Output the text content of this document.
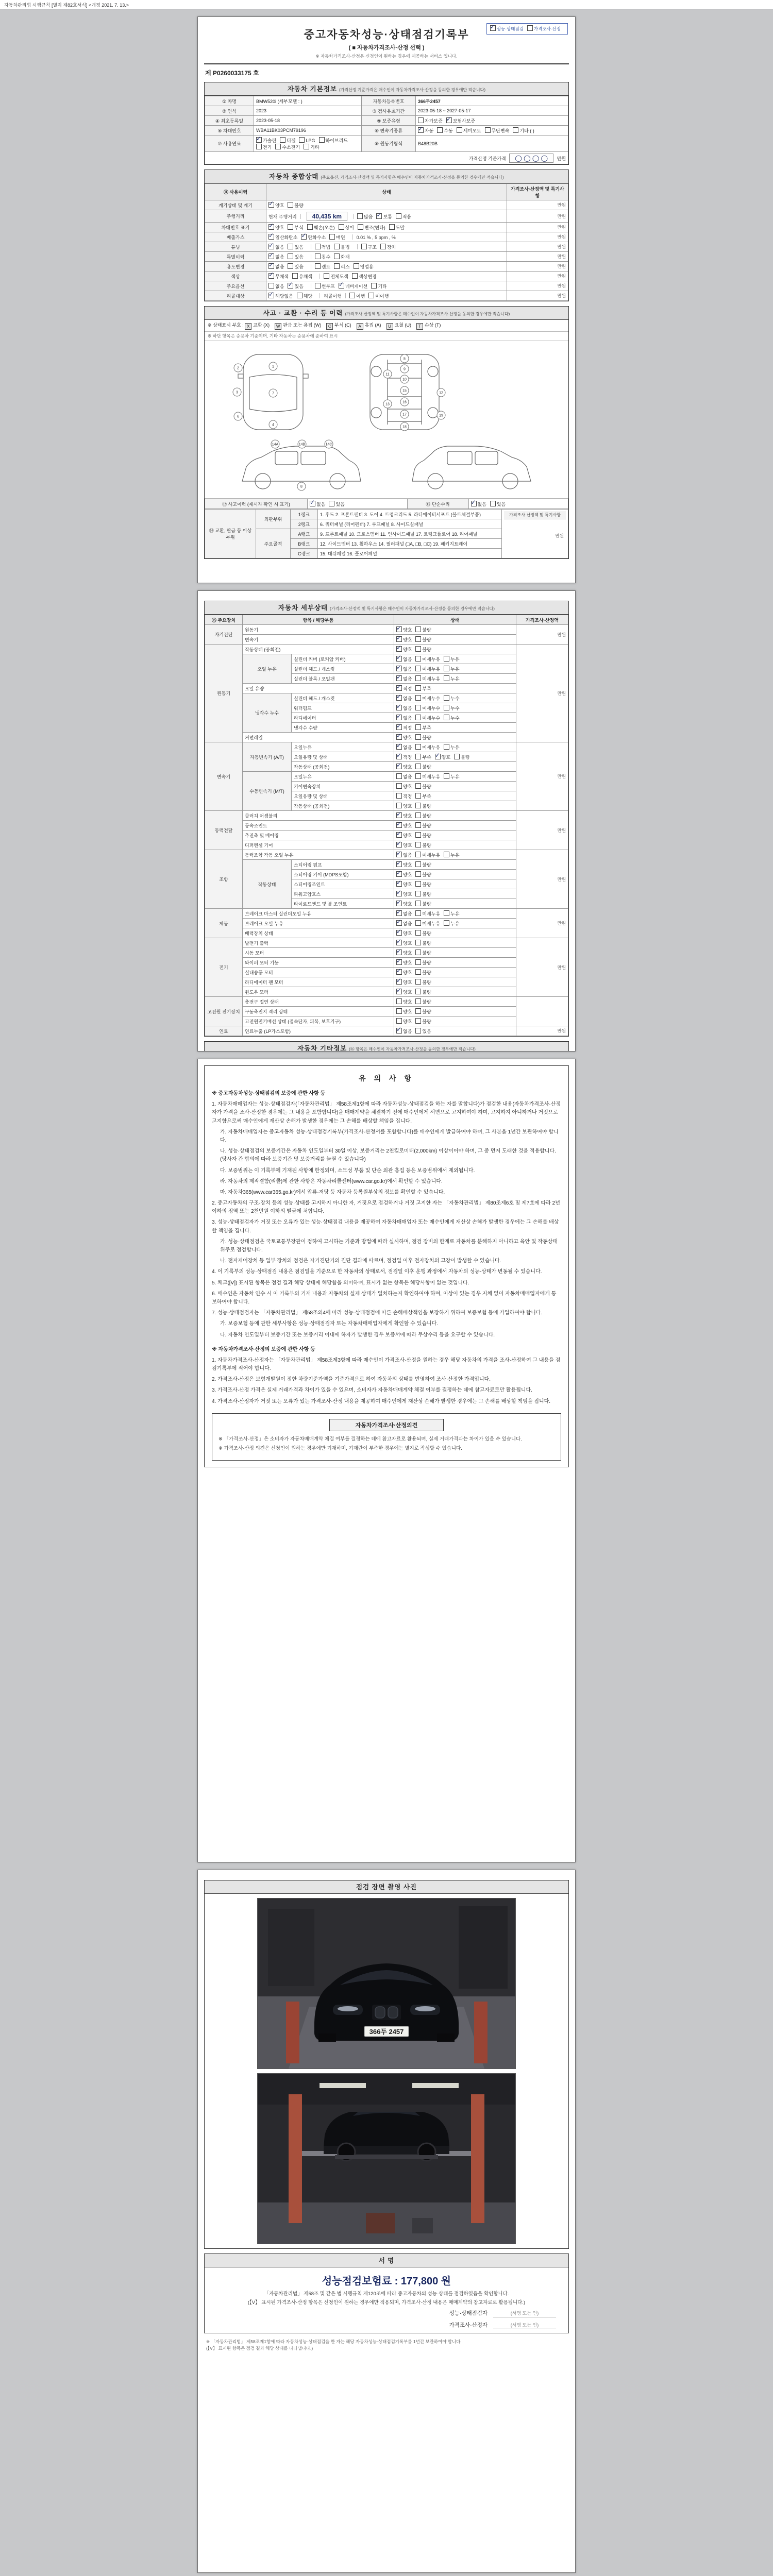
자동차관리법 시행규칙 [별지 제82호서식] <개정 2021. 7. 13.>
✓성능·상태점검 가격조사·산정
중고자동차성능·상태점검기록부
( ■ 자동차가격조사·산정 선택 )
※ 자동차가격조사·산정은 신청인이 원하는 경우에 제공하는 서비스 입니다.
제 P0260033175 호
자동차 기본정보 (가격산정 기준가격은 매수인이 자동차가격조사·산정을 동의한 경우에만 적습니다)
① 차명	BMW520i (세부모델 : )	자동차등록번호	366두2457
② 연식	2023	③ 검사유효기간	2023-05-18 ~ 2027-05-17
④ 최초등록일	2023-05-18	⑨ 보증유형	자가보증 ✓ 보험사보증
⑤ 차대번호	WBA11BK03PCM79196	⑥ 변속기종류	✓자동 수동 세미오토 무단변속 기타 ( )
⑦ 사용연료	✓가솔린 디젤 LPG 하이브리드전기 수소전기 기타	⑧ 원동기형식	B48B20B
가격산정 기준가격 ◯ ◯ ◯ ◯ 만원			
자동차 종합상태 (주요옵션, 가격조사·산정액 및 특기사항은 매수인이 자동차가격조사·산정을 동의한 경우에만 적습니다)
⑪ 사용이력	상태	가격조사·산정액 및 특기사항
계기상태 및 계기	✓양호 불량	만원
주행거리	현재 주행거리 40,435 km 많음 ✓ 보통 적음	만원
차대번호 표기	✓양호 부식 훼손(오손) 상이 변조(변타) 도말	만원
배출가스	✓일산화탄소 ✓ 탄화수소 매연 0.01 % , 5 ppm , %	만원
튜닝	✓없음 있음 적법 불법 구조 장치	만원
특별이력	✓없음 있음 침수 화재	만원
용도변경	✓없음 있음 렌트 리스 영업용	만원
색상	✓무채색 유채색 전체도색 색상변경	만원
주요옵션	없음 ✓ 있음 썬루프 ✓ 네비게이션 기타	만원
리콜대상	✓해당없음 해당 리콜이행 이행 미이행	만원
사고 · 교환 · 수리 등 이력 (가격조사·산정액 및 특기사항은 매수인이 자동차가격조사·산정을 동의한 경우에만 적습니다)
※ 상태표시 부호 : X 교환 (X) W 판금 또는 용접 (W) C 부식 (C) A 흠집 (A) U 요철 (U) T 손상 (T)
※ 하단 항목은 승용차 기준이며, 기타 자동차는 승용차에 준하여 표시
1
2
3
4
5
6
7
8
9
10
11
12
13
14A	14B	14C
15
16
17
18
19
⑫ 사고이력 (제시자 확인 시 표기)	✓없음 있음	⑬ 단순수리	✓없음 있음
⑭ 교환, 판금 등 이상 부위	외판부위	1랭크	1. 후드 2. 프론트펜더 3. 도어 4. 트렁크리드 5. 라디에이터서포트 (볼트체결부품)	가격조사·산정액 및 특기사항
만원

		2랭크	6. 쿼터패널 (리어펜더) 7. 루프패널 8. 사이드실패널	
	주요골격	A랭크	9. 프론트패널 10. 크로스멤버 11. 인사이드패널 17. 트렁크플로어 18. 리어패널	
		B랭크	12. 사이드멤버 13. 휠하우스 14. 필러패널 (□A, □B, □C) 19. 패키지트레이	
		C랭크	15. 대쉬패널 16. 플로어패널	
자동차 세부상태 (가격조사·산정액 및 특기사항은 매수인이 자동차가격조사·산정을 동의한 경우에만 적습니다)
⑮ 주요장치	항목 / 해당부품		상태	가격조사·산정액
자기진단	원동기	✓양호 불량	만원
	변속기	✓양호 불량
원동기	작동상태 (공회전)	✓양호 불량	만원
	오일 누유	실린더 커버 (로커암 커버)	✓없음 미세누유 누유
		실린더 헤드 / 개스킷	✓없음 미세누유 누유
		실린더 블록 / 오일팬	✓없음 미세누유 누유
	오일 유량	✓적정 부족
	냉각수 누수	실린더 헤드 / 개스킷	✓없음 미세누수 누수
		워터펌프	✓없음 미세누수 누수
		라디에이터	✓없음 미세누수 누수
		냉각수 수량	✓적정 부족
	커먼레일	✓양호 불량
변속기	자동변속기 (A/T)	오일누유	✓없음 미세누유 누유	만원
		오일유량 및 상태	✓적정 부족 ✓ 양호 불량
		작동상태 (공회전)	✓양호 불량
	수동변속기 (M/T)	오일누유	없음 미세누유 누유	
		기어변속장치	양호 불량	
		오일유량 및 상태	적정 부족	
		작동상태 (공회전)	양호 불량	
동력전달	클러치 어셈블리	✓양호 불량	만원
	등속조인트	✓양호 불량
	추진축 및 베어링	✓양호 불량
	디퍼렌셜 기어	✓양호 불량
조향	동력조향 작동 오일 누유	✓없음 미세누유 누유	만원
	작동상태	스티어링 펌프	✓양호 불량
		스티어링 기어 (MDPS포함)	✓양호 불량
		스티어링조인트	✓양호 불량
		파워고압호스	✓양호 불량
		타이로드엔드 및 볼 조인트	✓양호 불량
제동	브레이크 마스터 실린더오일 누유	✓없음 미세누유 누유	만원
	브레이크 오일 누유	✓없음 미세누유 누유
	배력장치 상태	✓양호 불량
전기	발전기 출력	✓양호 불량	만원
	시동 모터	✓양호 불량
	와이퍼 모터 기능	✓양호 불량
	실내송풍 모터	✓양호 불량
	라디에이터 팬 모터	✓양호 불량
	윈도우 모터	✓양호 불량
고전원 전기장치	충전구 절연 상태		양호 불량	
	구동축전지 격리 상태		양호 불량	
	고전원전기배선 상태 (접속단자, 피복, 보호기구)		양호 불량	
연료	연료누출 (LP가스포함)	✓없음 있음	만원
자동차 기타정보 (⑯ 항목은 매수인이 자동차가격조사·산정을 동의한 경우에만 적습니다)

유 의 사 항
※ 중고자동차성능·상태점검의 보증에 관한 사항 등
1. 자동차매매업자는 성능·상태점검자(「자동차관리법」 제58조제1항에 따라 자동차성능·상태점검을 하는 자를 말합니다)가 점검한 내용(자동차가격조사·산정자가 가격을 조사·산정한 경우에는 그 내용을 포함합니다)을 매매계약을 체결하기 전에 매수인에게 서면으로 고지하여야 하며, 고지하지 아니하거나 거짓으로 고지함으로써 매수인에게 재산상 손해가 발생한 경우에는 그 손해를 배상할 책임을 집니다.
가. 자동차매매업자는 중고자동차 성능·상태점검기록부(가격조사·산정서를 포함합니다)를 매수인에게 발급하여야 하며, 그 사본을 1년간 보관하여야 합니다.
나. 성능·상태점검의 보증기간은 자동차 인도일부터 30일 이상, 보증거리는 2천킬로미터(2,000km) 이상이어야 하며, 그 중 먼저 도래한 것을 적용합니다. (당사자 간 합의에 따라 보증기간 및 보증거리를 늘릴 수 있습니다)
다. 보증범위는 이 기록부에 기재된 사항에 한정되며, 소모성 부품 및 단순 외관 흠집 등은 보증범위에서 제외됩니다.
라. 자동차의 제작결함(리콜)에 관한 사항은 자동차리콜센터(www.car.go.kr)에서 확인할 수 있습니다.
마. 자동차365(www.car365.go.kr)에서 압류·저당 등 자동차 등록원부상의 정보를 확인할 수 있습니다.
2. 중고자동차의 구조·장치 등의 성능·상태를 고지하지 아니한 자, 거짓으로 점검하거나 거짓 고지한 자는 「자동차관리법」 제80조제6호 및 제7호에 따라 2년 이하의 징역 또는 2천만원 이하의 벌금에 처합니다.
3. 성능·상태점검자가 거짓 또는 오류가 있는 성능·상태점검 내용을 제공하여 자동차매매업자 또는 매수인에게 재산상 손해가 발생한 경우에는 그 손해를 배상할 책임을 집니다.
가. 성능·상태점검은 국토교통부장관이 정하여 고시하는 기준과 방법에 따라 실시하며, 점검 장비의 한계로 자동차를 분해하지 아니하고 육안 및 작동상태 위주로 점검합니다.
나. 전자제어장치 등 일부 장치의 점검은 자기진단기의 진단 결과에 따르며, 점검일 이후 전자장치의 고장이 발생할 수 있습니다.
4. 이 기록부의 성능·상태점검 내용은 점검일을 기준으로 한 자동차의 상태로서, 점검일 이후 운행 과정에서 자동차의 성능·상태가 변동될 수 있습니다.
5. 체크([V]) 표시된 항목은 점검 결과 해당 상태에 해당함을 의미하며, 표시가 없는 항목은 해당사항이 없는 것입니다.
6. 매수인은 자동차 인수 시 이 기록부의 기재 내용과 자동차의 실제 상태가 일치하는지 확인하여야 하며, 이상이 있는 경우 지체 없이 자동차매매업자에게 통보하여야 합니다.
7. 성능·상태점검자는 「자동차관리법」 제58조의4에 따라 성능·상태점검에 따른 손해배상책임을 보장하기 위하여 보증보험 등에 가입하여야 합니다.
가. 보증보험 등에 관한 세부사항은 성능·상태점검자 또는 자동차매매업자에게 확인할 수 있습니다.
나. 자동차 인도일부터 보증기간 또는 보증거리 이내에 하자가 발생한 경우 보증서에 따라 무상수리 등을 요구할 수 있습니다.
※ 자동차가격조사·산정의 보증에 관한 사항 등
1. 자동차가격조사·산정자는 「자동차관리법」 제58조제3항에 따라 매수인이 가격조사·산정을 원하는 경우 해당 자동차의 가격을 조사·산정하여 그 내용을 점검기록부에 적어야 합니다.
2. 가격조사·산정은 보험개발원이 정한 차량기준가액을 기준가격으로 하여 자동차의 상태를 반영하여 조사·산정한 가격입니다.
3. 가격조사·산정 가격은 실제 거래가격과 차이가 있을 수 있으며, 소비자가 자동차매매계약 체결 여부를 결정하는 데에 참고자료로만 활용됩니다.
4. 가격조사·산정자가 거짓 또는 오류가 있는 가격조사·산정 내용을 제공하여 매수인에게 재산상 손해가 발생한 경우에는 그 손해를 배상할 책임을 집니다.
자동차가격조사·산정의견
※ 「가격조사·산정」은 소비자가 자동차매매계약 체결 여부를 결정하는 데에 참고자료로 활용되며, 실제 거래가격과는 차이가 있을 수 있습니다.
※ 가격조사·산정 의견은 신청인이 원하는 경우에만 기재하며, 기재란이 부족한 경우에는 별지로 작성할 수 있습니다.
점검 장면 촬영 사진
366두 2457
서 명
성능점검보험료 : 177,800 원
「자동차관리법」 제58조 및 같은 법 시행규칙 제120조에 따라 중고자동차의 성능·상태를 점검하였음을 확인합니다.
(【V】 표시된 가격조사·산정 항목은 신청인이 원하는 경우에만 적용되며, 가격조사·산정 내용은 매매계약의 참고자료로 활용됩니다.)
성능·상태점검자	(서명 또는 인)
가격조사·산정자	(서명 또는 인)
※ 「자동차관리법」 제58조제1항에 따라 자동차성능·상태점검을 한 자는 해당 자동차성능·상태점검기록부를 1년간 보관하여야 합니다.
(【V】 표시된 항목은 점검 결과 해당 상태를 나타냅니다.)
